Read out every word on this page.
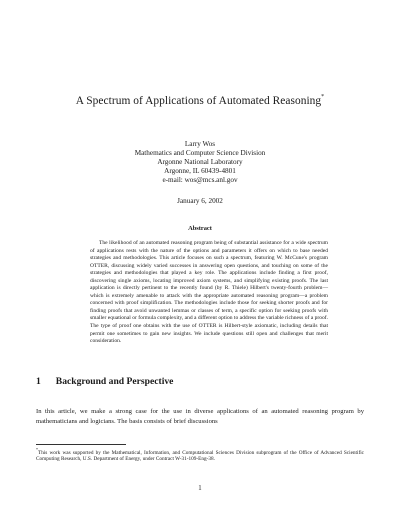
A Spectrum of Applications of Automated Reasoning*
Larry Wos
Mathematics and Computer Science Division
Argonne National Laboratory
Argonne, IL 60439-4801
e-mail: wos@mcs.anl.gov
January 6, 2002
Abstract

The likelihood of an automated reasoning program being of substantial assistance for a wide spectrum of applications rests with the nature of the options and parameters it offers on which to base needed strategies and methodologies. This article focuses on such a spectrum, featuring W. McCune's program OTTER, discussing widely varied successes in answering open questions, and touching on some of the strategies and methodologies that played a key role. The applications include finding a first proof, discovering single axioms, locating improved axiom systems, and simplifying existing proofs. The last application is directly pertinent to the recently found (by R. Thiele) Hilbert's twenty-fourth problem—which is extremely amenable to attack with the appropriate automated reasoning program—a problem concerned with proof simplification. The methodologies include those for seeking shorter proofs and for finding proofs that avoid unwanted lemmas or classes of term, a specific option for seeking proofs with smaller equational or formula complexity, and a different option to address the variable richness of a proof. The type of proof one obtains with the use of OTTER is Hilbert-style axiomatic, including details that permit one sometimes to gain new insights. We include questions still open and challenges that merit consideration.

1 Background and Perspective

In this article, we make a strong case for the use in diverse applications of an automated reasoning program by mathematicians and logicians. The basis consists of brief discussions

*This work was supported by the Mathematical, Information, and Computational Sciences Division subprogram of the Office of Advanced Scientific Computing Research, U.S. Department of Energy, under Contract W-31-109-Eng-38.

1
